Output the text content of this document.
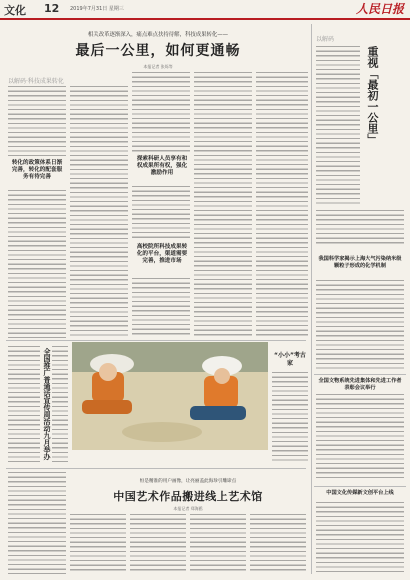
文化 12 2019年7月31日 星期三	人民日报
相关改革逐渐深入，痛点难点扶持待解，科技成果转化——
最后一公里，如何更通畅
本报记者 张烁等
以解码·科技成果转化
转化的政策体系日渐完善，转化的配套服务有待完善
探索科研人员享有和权成果所有权，强化激励作用
高校院所科技成果转化的平台，渠道需要完善，推进市场
以解码
重视「最初一公里」
我国科学家揭示上海大气污染纳米级颗粒子形成的化学机制
全国文物系统先进集体和先进工作者表彰会议举行
中国文化传媒新文创平台上线
全国推广普通话宣传周活动九月举办	“小小”考古家
恒是精准的用户画像，让亮丽盖此海珍引雕谛点
中国艺术作品搬进线上艺术馆
本报记者 郑海鸥
